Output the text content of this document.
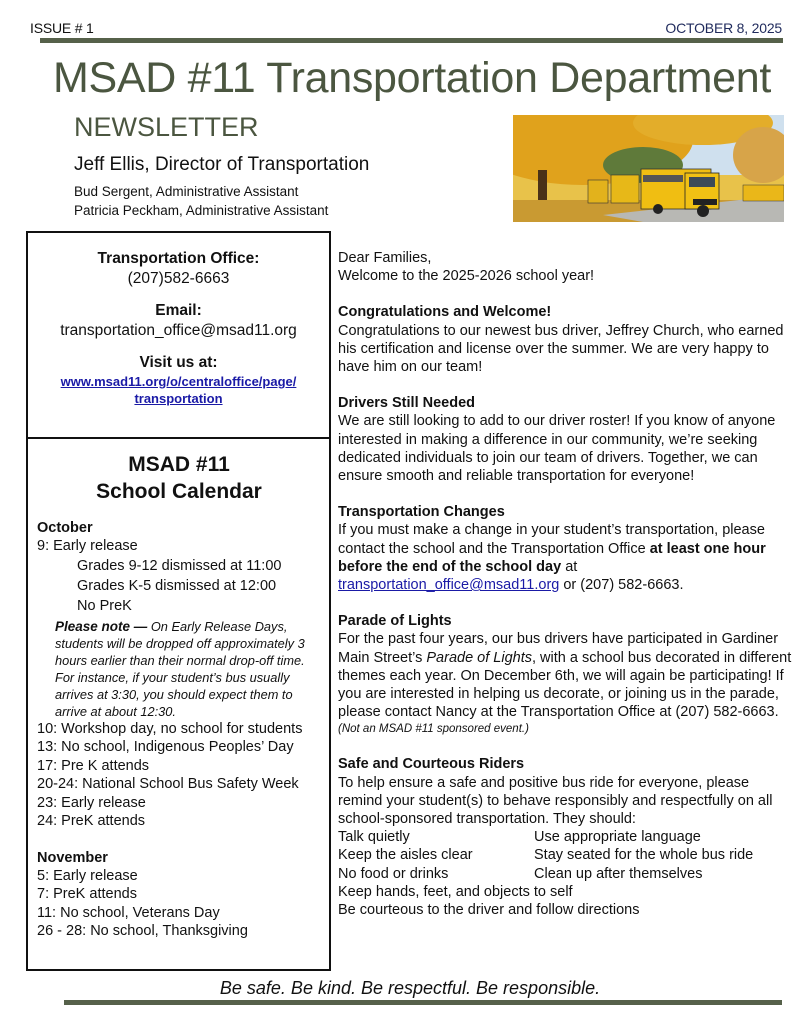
ISSUE # 1	OCTOBER 8, 2025
MSAD #11 Transportation Department
NEWSLETTER
Jeff Ellis, Director of Transportation
Bud Sergent, Administrative Assistant
Patricia Peckham, Administrative Assistant
Transportation Office:
(207)582-6663
Email:
transportation_office@msad11.org
Visit us at:
www.msad11.org/o/centraloffice/page/
transportation
MSAD #11
School Calendar
October
9: Early release
Grades 9-12 dismissed at 11:00
Grades K-5 dismissed at 12:00
No PreK
Please note — On Early Release Days, students will be dropped off approximately 3 hours earlier than their normal drop-off time. For instance, if your student’s bus usually arrives at 3:30, you should expect them to arrive at about 12:30.
10: Workshop day, no school for students
13: No school, Indigenous Peoples’ Day
17: Pre K attends
20-24: National School Bus Safety Week
23: Early release
24: PreK attends
November
5: Early release
7: PreK attends
11: No school, Veterans Day
26 - 28: No school, Thanksgiving

Dear Families,

Welcome to the 2025-2026 school year!

Congratulations and Welcome!

Congratulations to our newest bus driver, Jeffrey Church, who earned his certification and license over the summer. We are very happy to have him on our team!

Drivers Still Needed

We are still looking to add to our driver roster! If you know of anyone interested in making a difference in our community, we’re seeking dedicated individuals to join our team of drivers. Together, we can ensure smooth and reliable transportation for everyone!

Transportation Changes

If you must make a change in your student’s transportation, please contact the school and the Transportation Office at least one hour before the end of the school day at transportation_office@msad11.org or (207) 582-6663.

Parade of Lights

For the past four years, our bus drivers have participated in Gardiner Main Street’s Parade of Lights, with a school bus decorated in different themes each year. On December 6th, we will again be participating! If you are interested in helping us decorate, or joining us in the parade, please contact Nancy at the Transportation Office at (207) 582-6663.

(Not an MSAD #11 sponsored event.)

Safe and Courteous Riders

To help ensure a safe and positive bus ride for everyone, please remind your student(s) to behave responsibly and respectfully on all school-sponsored transportation. They should:

Talk quietly	Use appropriate language
Keep the aisles clear	Stay seated for the whole bus ride
No food or drinks	Clean up after themselves

Keep hands, feet, and objects to self

Be courteous to the driver and follow directions

Be safe. Be kind. Be respectful. Be responsible.
